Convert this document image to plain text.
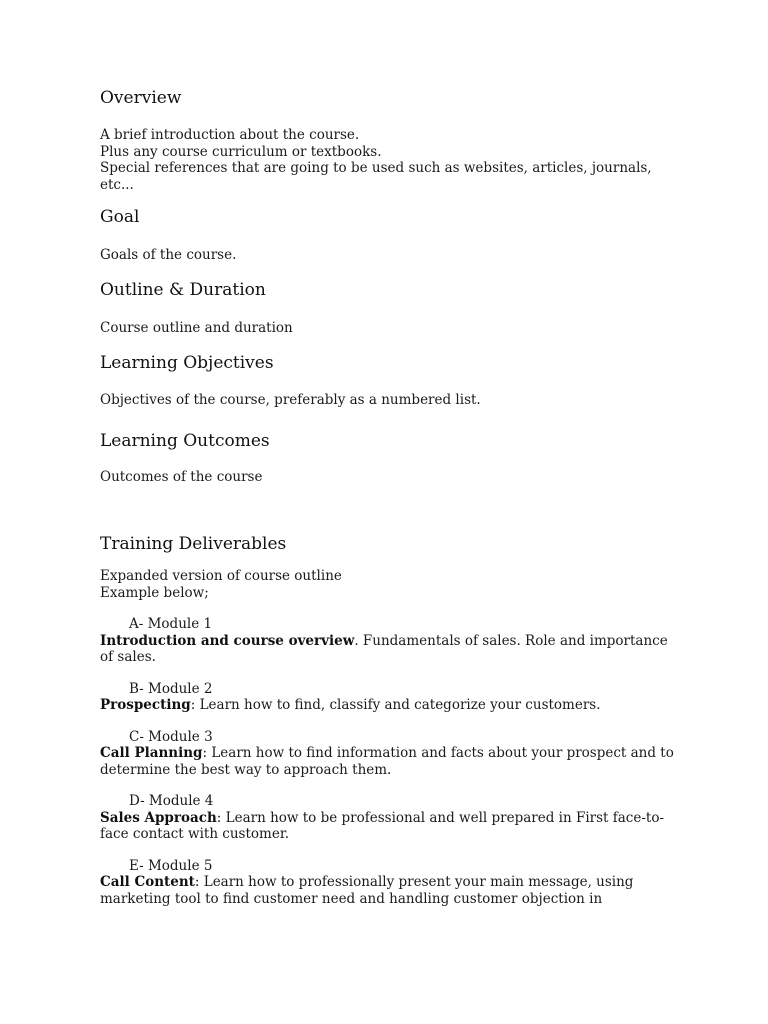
Overview

A brief introduction about the course.

Plus any course curriculum or textbooks.

Special references that are going to be used such as websites, articles, journals, etc...

Goal

Goals of the course.

Outline & Duration

Course outline and duration

Learning Objectives

Objectives of the course, preferably as a numbered list.

Learning Outcomes

Outcomes of the course

Training Deliverables

Expanded version of course outline

Example below;

A- Module 1

Introduction and course overview. Fundamentals of sales. Role and importance of sales.

B- Module 2

Prospecting: Learn how to find, classify and categorize your customers.

C- Module 3

Call Planning: Learn how to find information and facts about your prospect and to determine the best way to approach them.

D- Module 4

Sales Approach: Learn how to be professional and well prepared in First face-to-face contact with customer.

E- Module 5

Call Content: Learn how to professionally present your main message, using marketing tool to find customer need and handling customer objection in
